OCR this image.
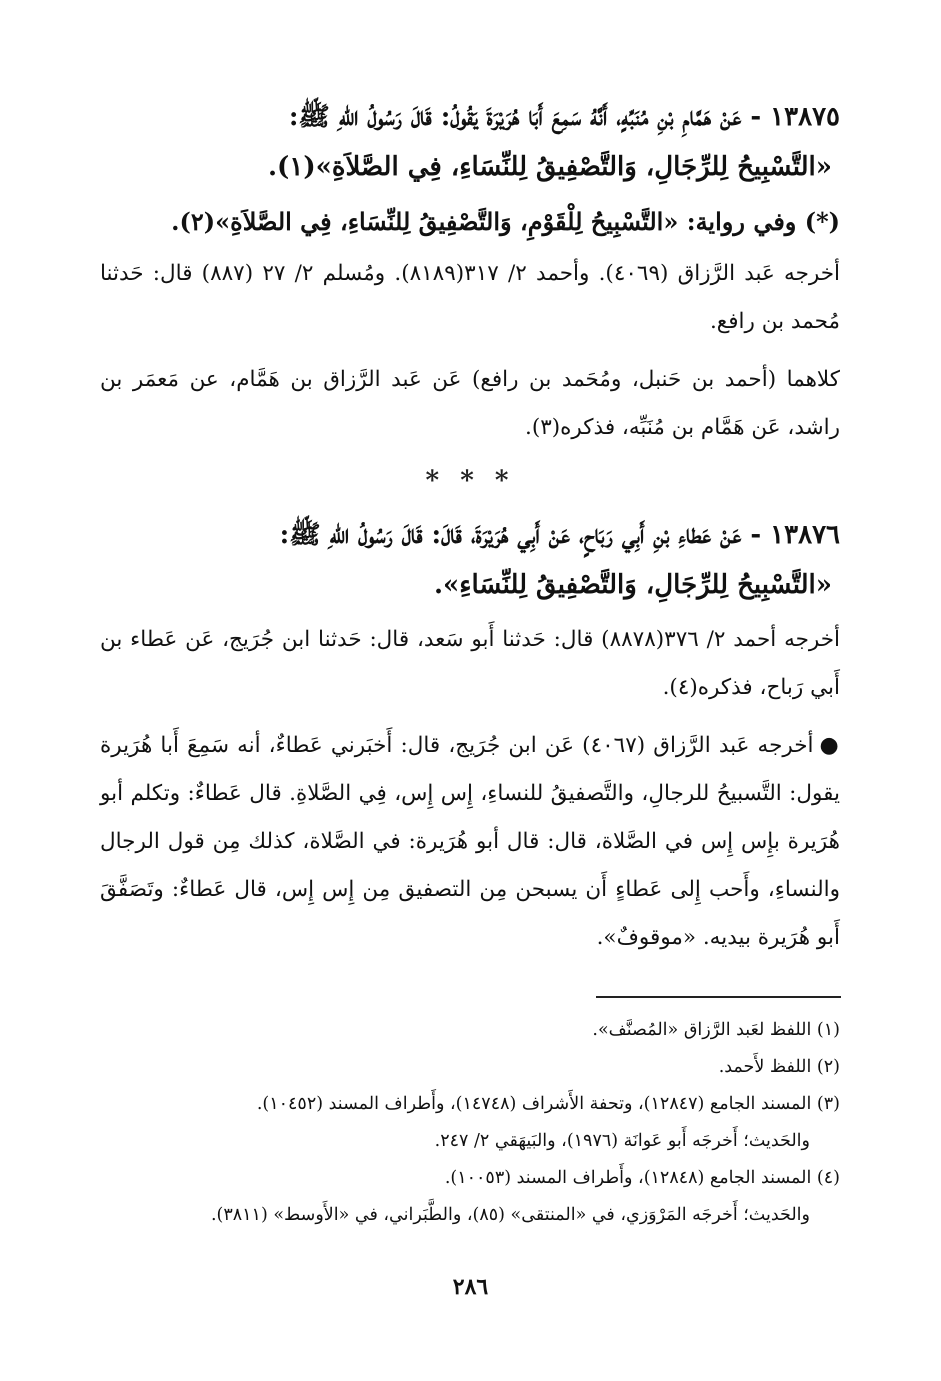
١٣٨٧٥ - عَنْ هَمَّامِ بْنِ مُنَبِّهٍ، أَنَّهُ سَمِعَ أَبَا هُرَيْرَةَ يَقُولُ: قَالَ رَسُولُ اللهِ ﷺ:
«التَّسْبِيحُ لِلرِّجَالِ، وَالتَّصْفِيقُ لِلنِّسَاءِ، فِي الصَّلاَةِ»(١).
(*) وفي رواية: «التَّسْبِيحُ لِلْقَوْمِ، وَالتَّصْفِيقُ لِلنِّسَاءِ، فِي الصَّلاَةِ»(٢).

أخرجه عَبد الرَّزاق (٤٠٦٩). وأحمد ٢/ ٣١٧(٨١٨٩). ومُسلم ٢/ ٢٧ (٨٨٧) قال: حَدثنا مُحمد بن رافع.

كلاهما (أحمد بن حَنبل، ومُحَمد بن رافع) عَن عَبد الرَّزاق بن هَمَّام، عن مَعمَر بن راشد، عَن هَمَّام بن مُنَبِّه، فذكره(٣).

* * *
١٣٨٧٦ - عَنْ عَطاءِ بْنِ أَبِي رَبَاحٍ، عَنْ أَبِي هُرَيْرَةَ، قَالَ: قَالَ رَسُولُ اللهِ ﷺ:
«التَّسْبِيحُ لِلرِّجَالِ، وَالتَّصْفِيقُ لِلنِّسَاءِ».

أخرجه أحمد ٢/ ٣٧٦(٨٨٧٨) قال: حَدثنا أَبو سَعد، قال: حَدثنا ابن جُرَيج، عَن عَطاء بن أَبي رَباح، فذكره(٤).

●أخرجه عَبد الرَّزاق (٤٠٦٧) عَن ابن جُرَيج، قال: أَخبَرني عَطاءٌ، أنه سَمِعَ أَبا هُرَيرة يقول: التَّسبيحُ للرجالِ، والتَّصفيقُ للنساءِ، إِس إِس، فِي الصَّلاةِ. قال عَطاءٌ: وتكلم أبو هُرَيرة بإِس إِس في الصَّلاة، قال: قال أبو هُرَيرة: في الصَّلاة، كذلك مِن قول الرجال والنساءِ، وأَحب إِلى عَطاءٍ أَن يسبحن مِن التصفيق مِن إِس إِس، قال عَطاءٌ: وتَصَفَّقَ أَبو هُرَيرة بيديه. «موقوفٌ».

(١) اللفظ لعَبد الرَّزاق «المُصنَّف».

(٢) اللفظ لأَحمد.

(٣) المسند الجامع (١٢٨٤٧)، وتحفة الأَشراف (١٤٧٤٨)، وأَطراف المسند (١٠٤٥٢).

والحَديث؛ أَخرجَه أَبو عَوانَة (١٩٧٦)، والبَيهَقي ٢/ ٢٤٧.

(٤) المسند الجامع (١٢٨٤٨)، وأَطراف المسند (١٠٠٥٣).

والحَديث؛ أَخرجَه المَرْوَزي، في «المنتقى» (٨٥)، والطَّبَراني، في «الأَوسط» (٣٨١١).

٢٨٦
